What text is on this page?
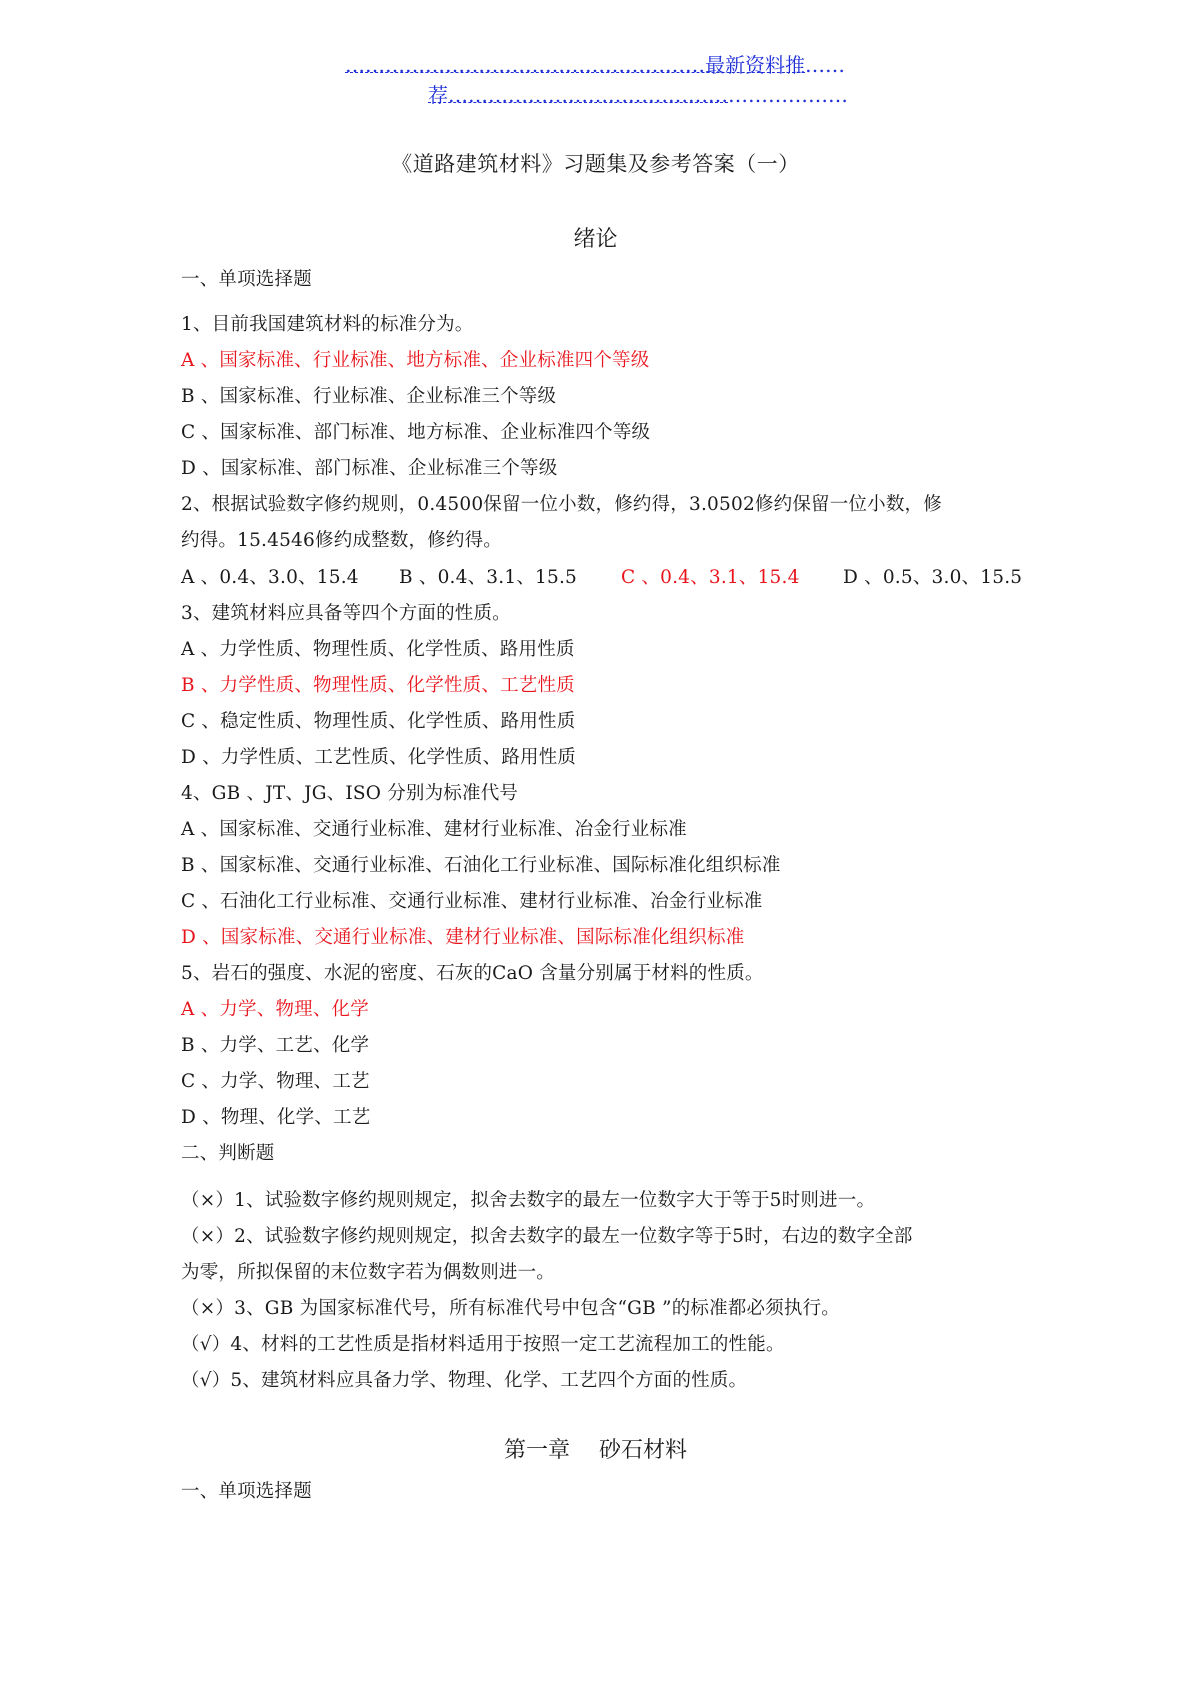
………………………………………………最新资料推……
荐……………………………………………………
《道路建筑材料》习题集及参考答案（一）
绪论
一、单项选择题
1、目前我国建筑材料的标准分为。
A 、国家标准、行业标准、地方标准、企业标准四个等级
B 、国家标准、行业标准、企业标准三个等级
C 、国家标准、部门标准、地方标准、企业标准四个等级
D 、国家标准、部门标准、企业标准三个等级
2、根据试验数字修约规则，0.4500保留一位小数，修约得，3.0502修约保留一位小数，修
约得。15.4546修约成整数，修约得。
A 、0.4、3.0、15.4 B 、0.4、3.1、15.5 C 、0.4、3.1、15.4 D 、0.5、3.0、15.5
3、建筑材料应具备等四个方面的性质。
A 、力学性质、物理性质、化学性质、路用性质
B 、力学性质、物理性质、化学性质、工艺性质
C 、稳定性质、物理性质、化学性质、路用性质
D 、力学性质、工艺性质、化学性质、路用性质
4、GB 、JT、JG、ISO 分别为标准代号
A 、国家标准、交通行业标准、建材行业标准、冶金行业标准
B 、国家标准、交通行业标准、石油化工行业标准、国际标准化组织标准
C 、石油化工行业标准、交通行业标准、建材行业标准、冶金行业标准
D 、国家标准、交通行业标准、建材行业标准、国际标准化组织标准
5、岩石的强度、水泥的密度、石灰的CaO 含量分别属于材料的性质。
A 、力学、物理、化学
B 、力学、工艺、化学
C 、力学、物理、工艺
D 、物理、化学、工艺
二、判断题
（×）1、试验数字修约规则规定，拟舍去数字的最左一位数字大于等于5时则进一。
（×）2、试验数字修约规则规定，拟舍去数字的最左一位数字等于5时，右边的数字全部
为零，所拟保留的末位数字若为偶数则进一。
（×）3、GB 为国家标准代号，所有标准代号中包含“GB ”的标准都必须执行。
（√）4、材料的工艺性质是指材料适用于按照一定工艺流程加工的性能。
（√）5、建筑材料应具备力学、物理、化学、工艺四个方面的性质。
第一章　 砂石材料
一、单项选择题
